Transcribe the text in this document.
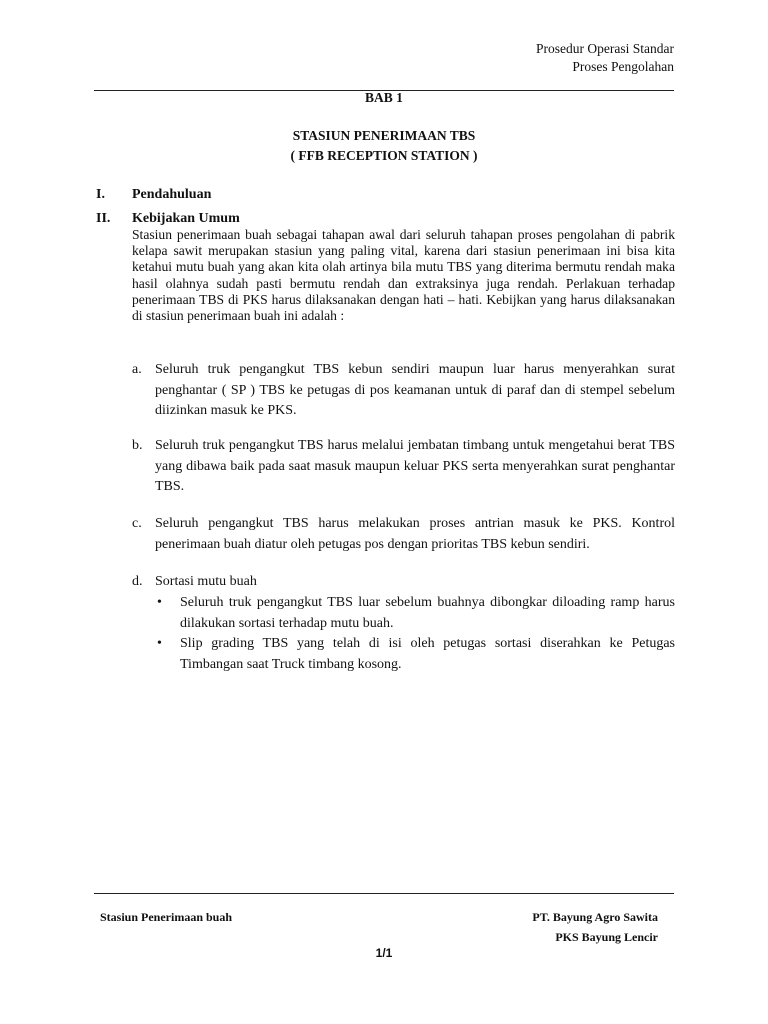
Prosedur Operasi Standar
Proses Pengolahan
BAB 1
STASIUN PENERIMAAN TBS
( FFB RECEPTION STATION )
I. Pendahuluan
II. Kebijakan Umum

Stasiun penerimaan buah sebagai tahapan awal dari seluruh tahapan proses pengolahan di pabrik kelapa sawit merupakan stasiun yang paling vital, karena dari stasiun penerimaan ini bisa kita ketahui mutu buah yang akan kita olah artinya bila mutu TBS yang diterima bermutu rendah maka hasil olahnya sudah pasti bermutu rendah dan extraksinya juga rendah. Perlakuan terhadap penerimaan TBS di PKS harus dilaksanakan dengan hati – hati. Kebijkan yang harus dilaksanakan di stasiun penerimaan buah ini adalah :

a. Seluruh truk pengangkut TBS kebun sendiri maupun luar harus menyerahkan surat penghantar ( SP ) TBS ke petugas di pos keamanan untuk di paraf dan di stempel sebelum diizinkan masuk ke PKS.
b. Seluruh truk pengangkut TBS harus melalui jembatan timbang untuk mengetahui berat TBS yang dibawa baik pada saat masuk maupun keluar PKS serta menyerahkan surat penghantar TBS.
c. Seluruh pengangkut TBS harus melakukan proses antrian masuk ke PKS. Kontrol penerimaan buah diatur oleh petugas pos dengan prioritas TBS kebun sendiri.
d. Sortasi mutu buah
• Seluruh truk pengangkut TBS luar sebelum buahnya dibongkar diloading ramp harus dilakukan sortasi terhadap mutu buah.
• Slip grading TBS yang telah di isi oleh petugas sortasi diserahkan ke Petugas Timbangan saat Truck timbang kosong.
Stasiun Penerimaan buah	PT. Bayung Agro Sawita
PKS Bayung Lencir
1/1
